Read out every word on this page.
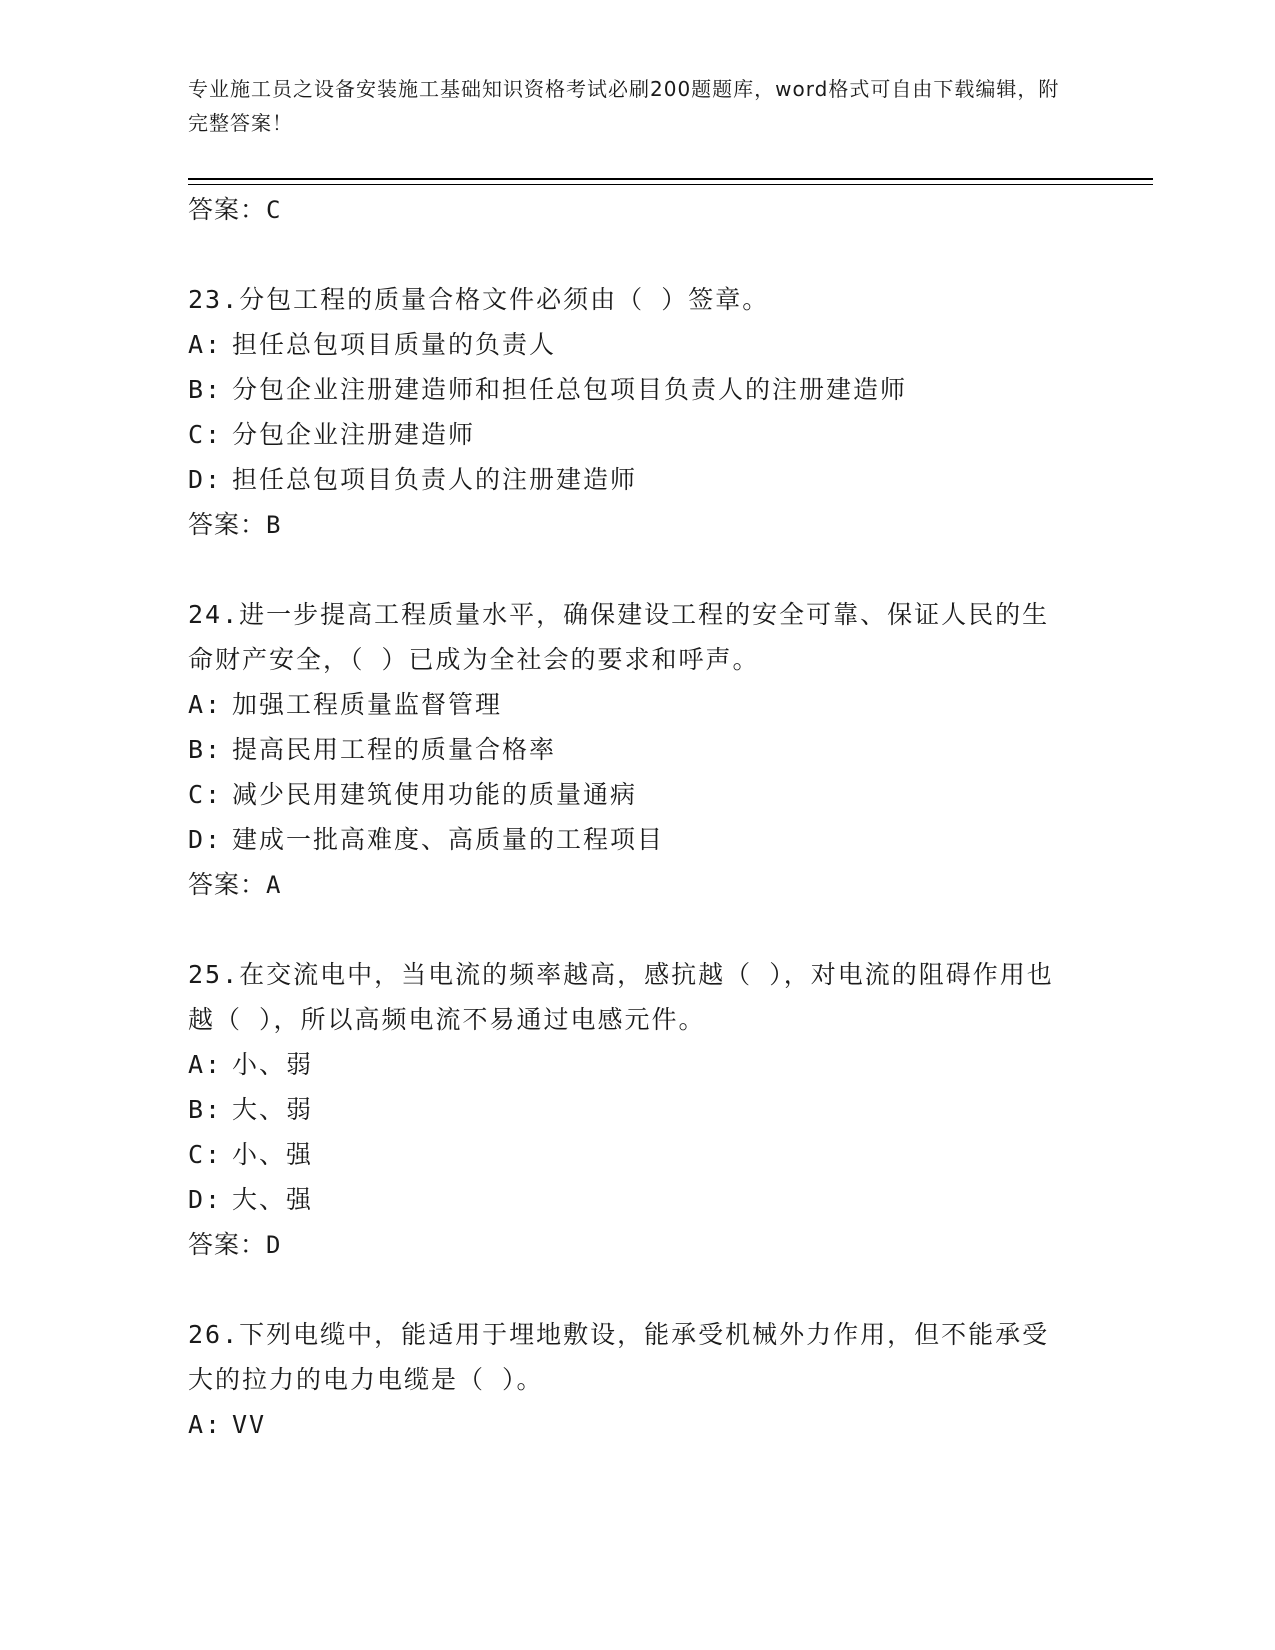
专业施工员之设备安装施工基础知识资格考试必刷200题题库，word格式可自由下载编辑，附完整答案！
答案：C

23.分包工程的质量合格文件必须由（ ）签章。

A: 担任总包项目质量的负责人
B: 分包企业注册建造师和担任总包项目负责人的注册建造师
C: 分包企业注册建造师
D: 担任总包项目负责人的注册建造师
答案：B

24.进一步提高工程质量水平，确保建设工程的安全可靠、保证人民的生命财产安全，（ ）已成为全社会的要求和呼声。

A: 加强工程质量监督管理
B: 提高民用工程的质量合格率
C: 减少民用建筑使用功能的质量通病
D: 建成一批高难度、高质量的工程项目
答案：A

25.在交流电中，当电流的频率越高，感抗越（ ），对电流的阻碍作用也越（ ），所以高频电流不易通过电感元件。

A: 小、弱
B: 大、弱
C: 小、强
D: 大、强
答案：D

26.下列电缆中，能适用于埋地敷设，能承受机械外力作用，但不能承受大的拉力的电力电缆是（ ）。

A: VV
